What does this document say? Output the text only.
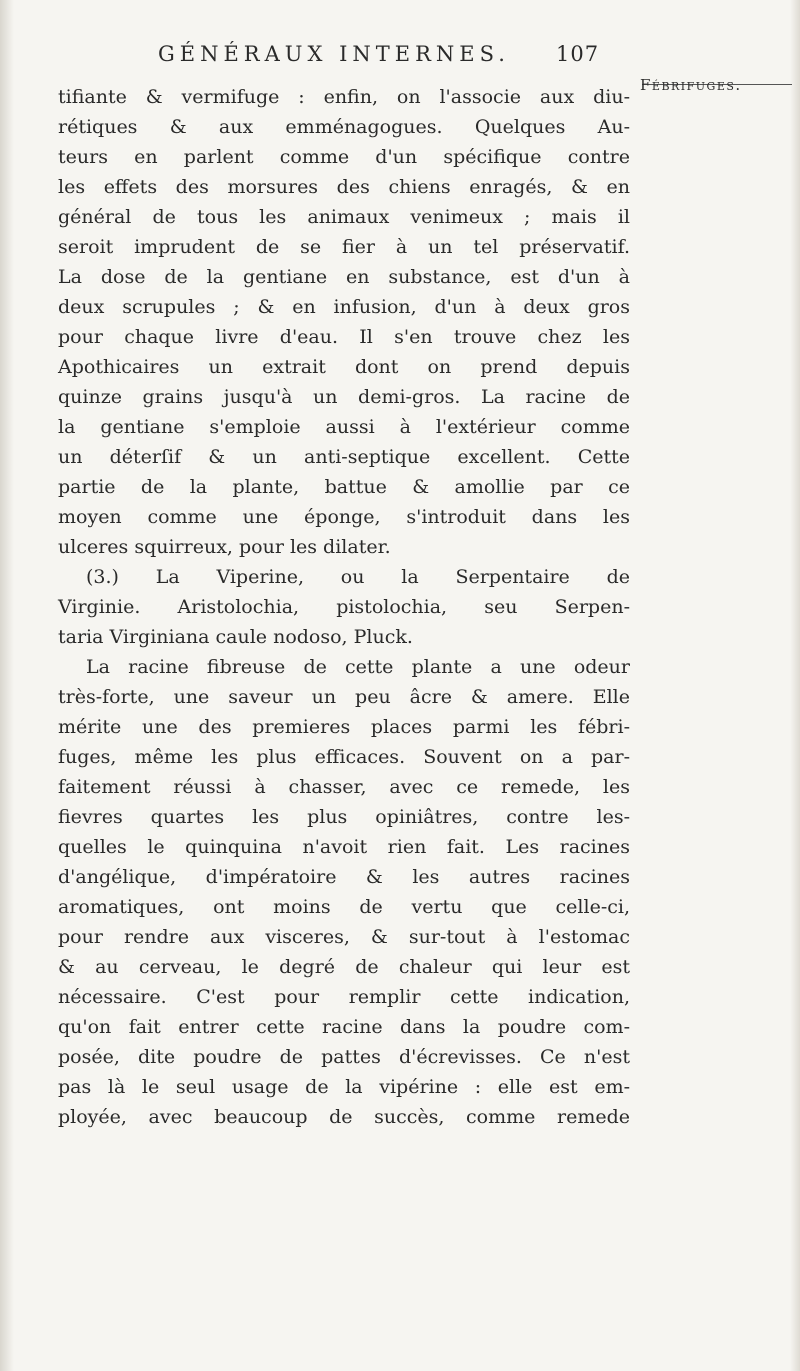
GÉNÉRAUX INTERNES. 107
Fébrifuges.
tifiante & vermifuge : enfin, on l'associe aux diu-
rétiques & aux emménagogues. Quelques Au-
teurs en parlent comme d'un spécifique contre
les effets des morsures des chiens enragés, & en
général de tous les animaux venimeux ; mais il
seroit imprudent de se fier à un tel préservatif.
La dose de la gentiane en substance, est d'un à
deux scrupules ; & en infusion, d'un à deux gros
pour chaque livre d'eau. Il s'en trouve chez les
Apothicaires un extrait dont on prend depuis
quinze grains jusqu'à un demi-gros. La racine de
la gentiane s'emploie aussi à l'extérieur comme
un déterſif & un anti-septique excellent. Cette
partie de la plante, battue & amollie par ce
moyen comme une éponge, s'introduit dans les
ulceres squirreux, pour les dilater.
(3.) La Viperine, ou la Serpentaire de
Virginie. Aristolochia, pistolochia, seu Serpen-
taria Virginiana caule nodoso, Pluck.
La racine fibreuse de cette plante a une odeur
très-forte, une saveur un peu âcre & amere. Elle
mérite une des premieres places parmi les fébri-
fuges, même les plus efficaces. Souvent on a par-
faitement réussi à chasser, avec ce remede, les
fievres quartes les plus opiniâtres, contre les-
quelles le quinquina n'avoit rien fait. Les racines
d'angélique, d'impératoire & les autres racines
aromatiques, ont moins de vertu que celle-ci,
pour rendre aux visceres, & sur-tout à l'estomac
& au cerveau, le degré de chaleur qui leur est
nécessaire. C'est pour remplir cette indication,
qu'on fait entrer cette racine dans la poudre com-
posée, dite poudre de pattes d'écrevisses. Ce n'est
pas là le seul usage de la vipérine : elle est em-
ployée, avec beaucoup de succès, comme remede
